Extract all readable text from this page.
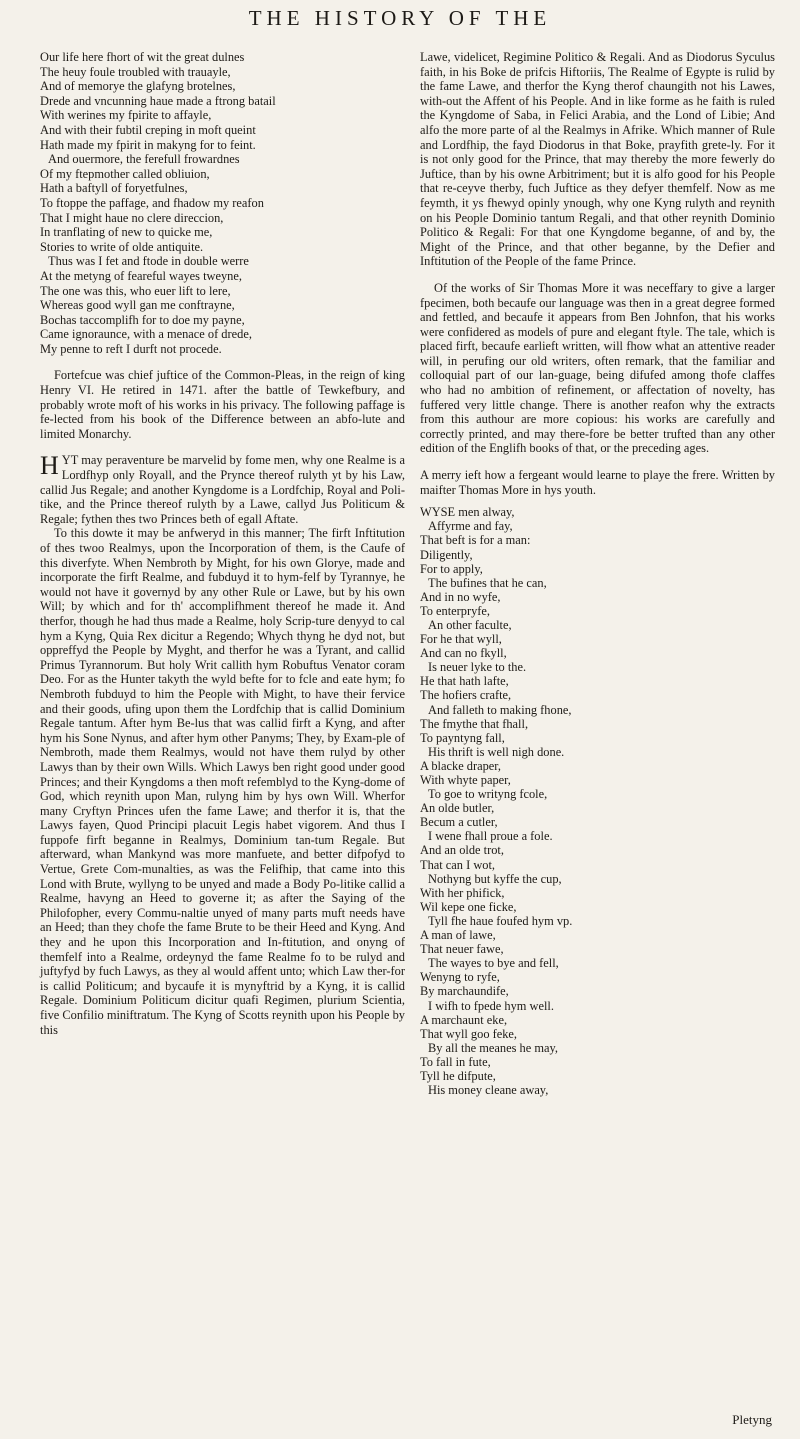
THE HISTORY OF THE

Our life here fhort of wit the great dulnes

The heuy foule troubled with trauayle,

And of memorye the glafyng brotelnes,

Drede and vncunning haue made a ftrong batail

With werines my fpirite to affayle,

And with their fubtil creping in moft queint

Hath made my fpirit in makyng for to feint.

And ouermore, the ferefull frowardnes

Of my ftepmother called obliuion,

Hath a baftyll of foryetfulnes,

To ftoppe the paffage, and fhadow my reafon

That I might haue no clere direccion,

In tranflating of new to quicke me,

Stories to write of olde antiquite.

Thus was I fet and ftode in double werre

At the metyng of feareful wayes tweyne,

The one was this, who euer lift to lere,

Whereas good wyll gan me conftrayne,

Bochas taccomplifh for to doe my payne,

Came ignoraunce, with a menace of drede,

My penne to reft I durft not procede.

Fortefcue was chief juftice of the Common-Pleas, in the reign of king Henry VI. He retired in 1471. after the battle of Tewkefbury, and probably wrote moft of his works in his privacy. The following paffage is fe-lected from his book of the Difference between an abfo-lute and limited Monarchy.

HYT may peraventure be marvelid by fome men, why one Realme is a Lordfhyp only Royall, and the Prynce thereof rulyth yt by his Law, callid Jus Regale; and another Kyngdome is a Lordfchip, Royal and Poli-tike, and the Prince thereof rulyth by a Lawe, callyd Jus Politicum & Regale; fythen thes two Princes beth of egall Aftate.

To this dowte it may be anfweryd in this manner; The firft Inftitution of thes twoo Realmys, upon the Incorporation of them, is the Caufe of this diverfyte. When Nembroth by Might, for his own Glorye, made and incorporate the firft Realme, and fubduyd it to hym-felf by Tyrannye, he would not have it governyd by any other Rule or Lawe, but by his own Will; by which and for th' accomplifhment thereof he made it. And therfor, though he had thus made a Realme, holy Scrip-ture denyyd to cal hym a Kyng, Quia Rex dicitur a Regendo; Whych thyng he dyd not, but oppreffyd the People by Myght, and therfor he was a Tyrant, and callid Primus Tyrannorum. But holy Writ callith hym Robuftus Venator coram Deo. For as the Hunter takyth the wyld befte for to fcle and eate hym; fo Nembroth fubduyd to him the People with Might, to have their fervice and their goods, ufing upon them the Lordfchip that is callid Dominium Regale tantum. After hym Be-lus that was callid firft a Kyng, and after hym his Sone Nynus, and after hym other Panyms; They, by Exam-ple of Nembroth, made them Realmys, would not have them rulyd by other Lawys than by their own Wills. Which Lawys ben right good under good Princes; and their Kyngdoms a then moft refemblyd to the Kyng-dome of God, which reynith upon Man, rulyng him by hys own Will. Wherfor many Cryftyn Princes ufen the fame Lawe; and therfor it is, that the Lawys fayen, Quod Principi placuit Legis habet vigorem. And thus I fuppofe firft beganne in Realmys, Dominium tan-tum Regale. But afterward, whan Mankynd was more manfuete, and better difpofyd to Vertue, Grete Com-munalties, as was the Felifhip, that came into this Lond with Brute, wyllyng to be unyed and made a Body Po-litike callid a Realme, havyng an Heed to governe it; as after the Saying of the Philofopher, every Commu-naltie unyed of many parts muft needs have an Heed; than they chofe the fame Brute to be their Heed and Kyng. And they and he upon this Incorporation and In-ftitution, and onyng of themfelf into a Realme, ordeynyd the fame Realme fo to be rulyd and juftyfyd by fuch Lawys, as they al would affent unto; which Law ther-for is callid Politicum; and bycaufe it is mynyftrid by a Kyng, it is callid Regale. Dominium Politicum dicitur quafi Regimen, plurium Scientia, five Confilio miniftratum. The Kyng of Scotts reynith upon his People by this

Lawe, videlicet, Regimine Politico & Regali. And as Diodorus Syculus faith, in his Boke de prifcis Hiftoriis, The Realme of Egypte is rulid by the fame Lawe, and therfor the Kyng therof chaungith not his Lawes, with-out the Affent of his People. And in like forme as he faith is ruled the Kyngdome of Saba, in Felici Arabia, and the Lond of Libie; And alfo the more parte of al the Realmys in Afrike. Which manner of Rule and Lordfhip, the fayd Diodorus in that Boke, prayfith grete-ly. For it is not only good for the Prince, that may thereby the more fewerly do Juftice, than by his owne Arbitriment; but it is alfo good for his People that re-ceyve therby, fuch Juftice as they defyer themfelf. Now as me feymth, it ys fhewyd opinly ynough, why one Kyng rulyth and reynith on his People Dominio tantum Regali, and that other reynith Dominio Politico & Regali: For that one Kyngdome beganne, of and by, the Might of the Prince, and that other beganne, by the Defier and Inftitution of the People of the fame Prince.

Of the works of Sir Thomas More it was neceffary to give a larger fpecimen, both becaufe our language was then in a great degree formed and fettled, and becaufe it appears from Ben Johnfon, that his works were confidered as models of pure and elegant ftyle. The tale, which is placed firft, becaufe earlieft written, will fhow what an attentive reader will, in perufing our old writers, often remark, that the familiar and colloquial part of our lan-guage, being difufed among thofe claffes who had no ambition of refinement, or affectation of novelty, has fuffered very little change. There is another reafon why the extracts from this authour are more copious: his works are carefully and correctly printed, and may there-fore be better trufted than any other edition of the Englifh books of that, or the preceding ages.

A merry ieft how a fergeant would learne to playe the frere. Written by maifter Thomas More in hys youth.

WYSE men alway,

Affyrme and fay,

That beft is for a man:

Diligently,

For to apply,

The bufines that he can,

And in no wyfe,

To enterpryfe,

An other faculte,

For he that wyll,

And can no fkyll,

Is neuer lyke to the.

He that hath lafte,

The hofiers crafte,

And falleth to making fhone,

The fmythe that fhall,

To payntyng fall,

His thrift is well nigh done.

A blacke draper,

With whyte paper,

To goe to writyng fcole,

An olde butler,

Becum a cutler,

I wene fhall proue a fole.

And an olde trot,

That can I wot,

Nothyng but kyffe the cup,

With her phifick,

Wil kepe one ficke,

Tyll fhe haue foufed hym vp.

A man of lawe,

That neuer fawe,

The wayes to bye and fell,

Wenyng to ryfe,

By marchaundife,

I wifh to fpede hym well.

A marchaunt eke,

That wyll goo feke,

By all the meanes he may,

To fall in fute,

Tyll he difpute,

His money cleane away,

Pletyng
